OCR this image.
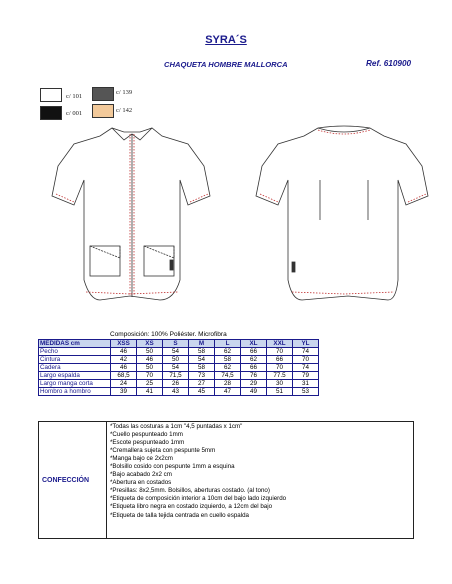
SYRA´S
CHAQUETA HOMBRE MALLORCA	Ref. 610900
c/ 101
c/ 139
c/ 001	c/ 142
Composición: 100% Poliéster. Microfibra
MEDIDAS cm	XSS	XS	S	M	L	XL	XXL	YL
Pecho	46	50	54	58	62	66	70	74
Cintura	42	46	50	54	58	62	66	70
Cadera	46	50	54	58	62	66	70	74
Largo espalda	68,5	70	71,5	73	74,5	76	77.5	79
Largo manga corta	24	25	26	27	28	29	30	31
Hombro a hombro	39	41	43	45	47	49	51	53
CONFECCIÓN
*Todas las costuras a 1cm "4,5 puntadas x 1cm"
*Cuello pespunteado 1mm
*Escote pespunteado 1mm
*Cremallera sujeta con pespunte 5mm
*Manga bajo ce 2x2cm
*Bolsillo cosido con pespunte 1mm a esquina
*Bajo acabado 2x2 cm
*Abertura en costados
*Presillas: 8x2,5mm. Bolsillos, aberturas costado. (al tono)
*Etiqueta de composición interior a 10cm del bajo lado izquierdo
*Etiqueta libro negra en costado izquierdo, a 12cm del bajo
*Etiqueta de talla tejida centrada en cuello espalda
